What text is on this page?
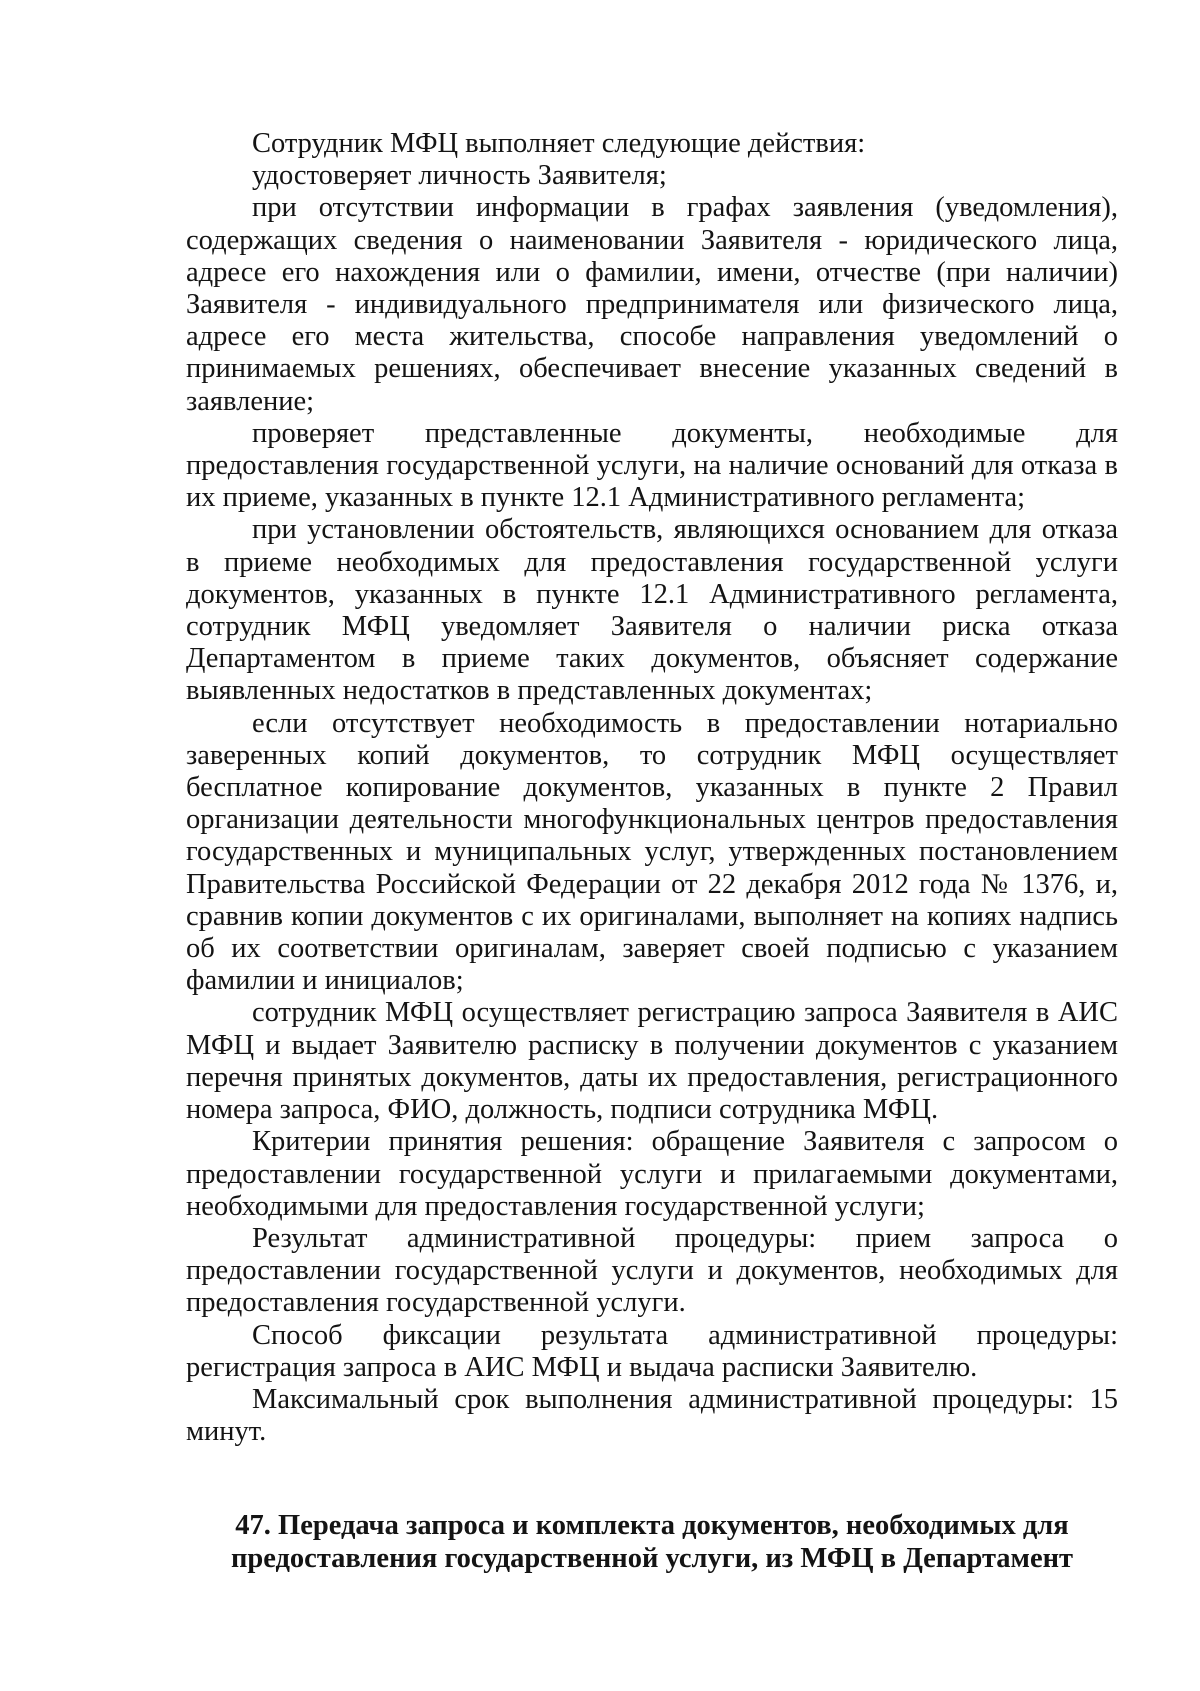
Сотрудник МФЦ выполняет следующие действия:

удостоверяет личность Заявителя;

при отсутствии информации в графах заявления (уведомления), содержащих сведения о наименовании Заявителя - юридического лица, адресе его нахождения или о фамилии, имени, отчестве (при наличии) Заявителя - индивидуального предпринимателя или физического лица, адресе его места жительства, способе направления уведомлений о принимаемых решениях, обеспечивает внесение указанных сведений в заявление;

проверяет представленные документы, необходимые для предоставления государственной услуги, на наличие оснований для отказа в их приеме, указанных в пункте 12.1 Административного регламента;

при установлении обстоятельств, являющихся основанием для отказа в приеме необходимых для предоставления государственной услуги документов, указанных в пункте 12.1 Административного регламента, сотрудник МФЦ уведомляет Заявителя о наличии риска отказа Департаментом в приеме таких документов, объясняет содержание выявленных недостатков в представленных документах;

если отсутствует необходимость в предоставлении нотариально заверенных копий документов, то сотрудник МФЦ осуществляет бесплатное копирование документов, указанных в пункте 2 Правил организации деятельности многофункциональных центров предоставления государственных и муниципальных услуг, утвержденных постановлением Правительства Российской Федерации от 22 декабря 2012 года № 1376, и, сравнив копии документов с их оригиналами, выполняет на копиях надпись об их соответствии оригиналам, заверяет своей подписью с указанием фамилии и инициалов;

сотрудник МФЦ осуществляет регистрацию запроса Заявителя в АИС МФЦ и выдает Заявителю расписку в получении документов с указанием перечня принятых документов, даты их предоставления, регистрационного номера запроса, ФИО, должность, подписи сотрудника МФЦ.

Критерии принятия решения: обращение Заявителя с запросом о предоставлении государственной услуги и прилагаемыми документами, необходимыми для предоставления государственной услуги;

Результат административной процедуры: прием запроса о предоставлении государственной услуги и документов, необходимых для предоставления государственной услуги.

Способ фиксации результата административной процедуры: регистрация запроса в АИС МФЦ и выдача расписки Заявителю.

Максимальный срок выполнения административной процедуры: 15 минут.

47. Передача запроса и комплекта документов, необходимых для
предоставления государственной услуги, из МФЦ в Департамент
